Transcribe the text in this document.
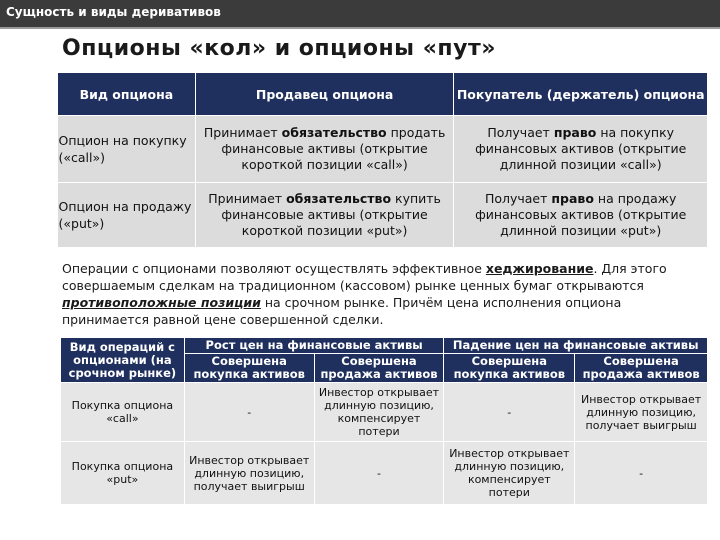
Сущность и виды деривативов
Опционы «кол» и опционы «пут»
Вид опциона	Продавец опциона	Покупатель (держатель) опциона
Опцион на покупку («call»)	Принимает обязательство продать финансовые активы (открытие короткой позиции «call»)	Получает право на покупку финансовых активов (открытие длинной позиции «call»)
Опцион на продажу («put»)	Принимает обязательство купить финансовые активы (открытие короткой позиции «put»)	Получает право на продажу финансовых активов (открытие длинной позиции «put»)
Операции с опционами позволяют осуществлять эффективное хеджирование. Для этого совершаемым сделкам на традиционном (кассовом) рынке ценных бумаг открываются противоположные позиции на срочном рынке. Причём цена исполнения опциона принимается равной цене совершенной сделки.
Вид операций с опционами (на срочном рынке)	Рост цен на финансовые активы		Падение цен на финансовые активы	
	Совершена покупка активов	Совершена продажа активов	Совершена покупка активов	Совершена продажа активов
Покупка опциона «call»	-	Инвестор открывает длинную позицию, компенсирует потери	-	Инвестор открывает длинную позицию, получает выигрыш
Покупка опциона «put»	Инвестор открывает длинную позицию, получает выигрыш	-	Инвестор открывает длинную позицию, компенсирует потери	-
